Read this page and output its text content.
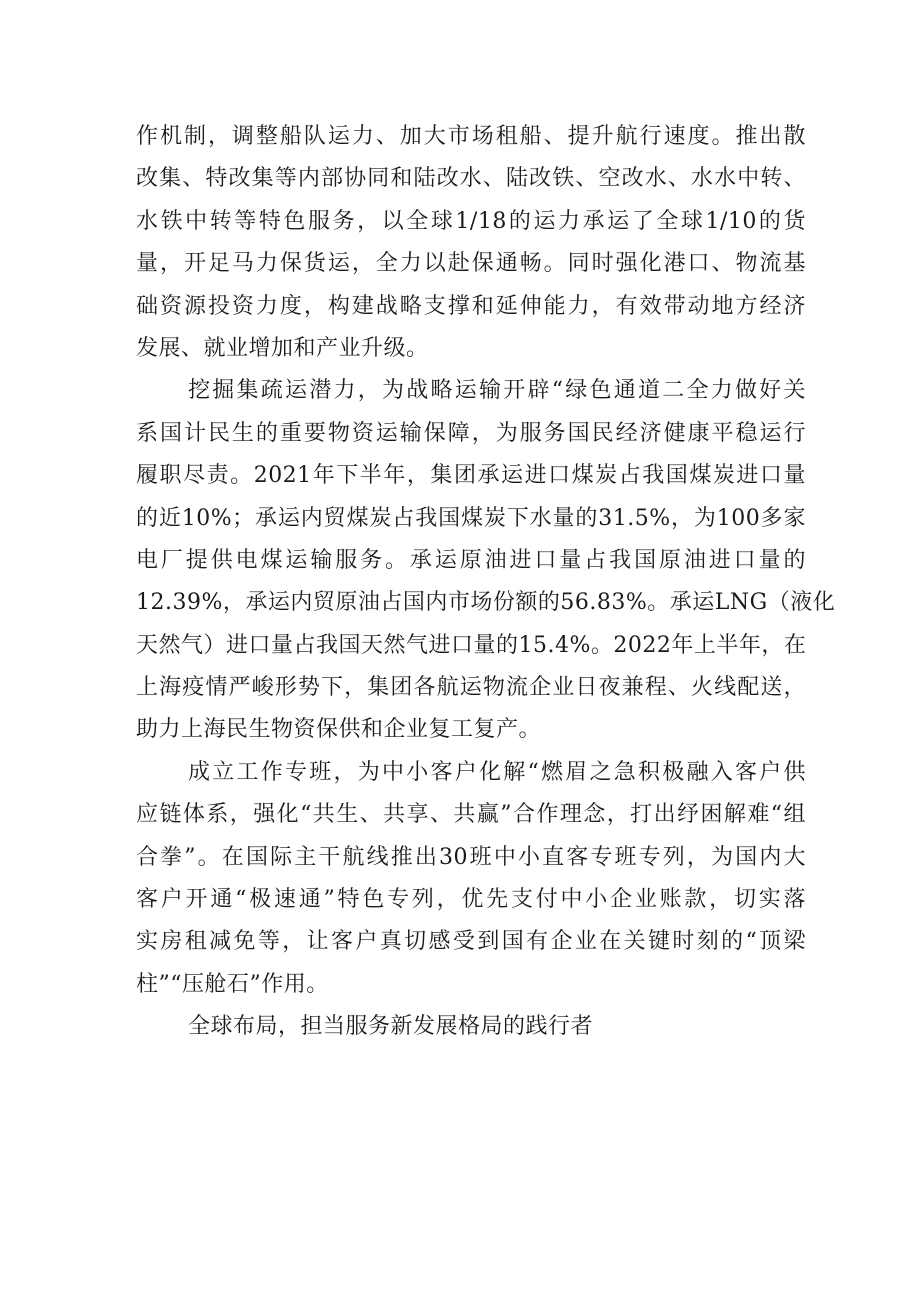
作机制，调整船队运力、加大市场租船、提升航行速度。推出散
改集、特改集等内部协同和陆改水、陆改铁、空改水、水水中转、
水铁中转等特色服务，以全球1/18的运力承运了全球1/10的货
量，开足马力保货运，全力以赴保通畅。同时强化港口、物流基
础资源投资力度，构建战略支撑和延伸能力，有效带动地方经济
发展、就业增加和产业升级。
挖掘集疏运潜力，为战略运输开辟“绿色通道二全力做好关
系国计民生的重要物资运输保障，为服务国民经济健康平稳运行
履职尽责。2021年下半年，集团承运进口煤炭占我国煤炭进口量
的近10%；承运内贸煤炭占我国煤炭下水量的31.5%，为100多家
电厂提供电煤运输服务。承运原油进口量占我国原油进口量的
12.39%，承运内贸原油占国内市场份额的56.83%。承运LNG（液化
天然气）进口量占我国天然气进口量的15.4%。2022年上半年，在
上海疫情严峻形势下，集团各航运物流企业日夜兼程、火线配送，
助力上海民生物资保供和企业复工复产。
成立工作专班，为中小客户化解“燃眉之急积极融入客户供
应链体系，强化“共生、共享、共赢”合作理念，打出纾困解难“组
合拳”。在国际主干航线推出30班中小直客专班专列，为国内大
客户开通“极速通”特色专列，优先支付中小企业账款，切实落
实房租减免等，让客户真切感受到国有企业在关键时刻的“顶梁
柱”“压舱石”作用。
全球布局，担当服务新发展格局的践行者
